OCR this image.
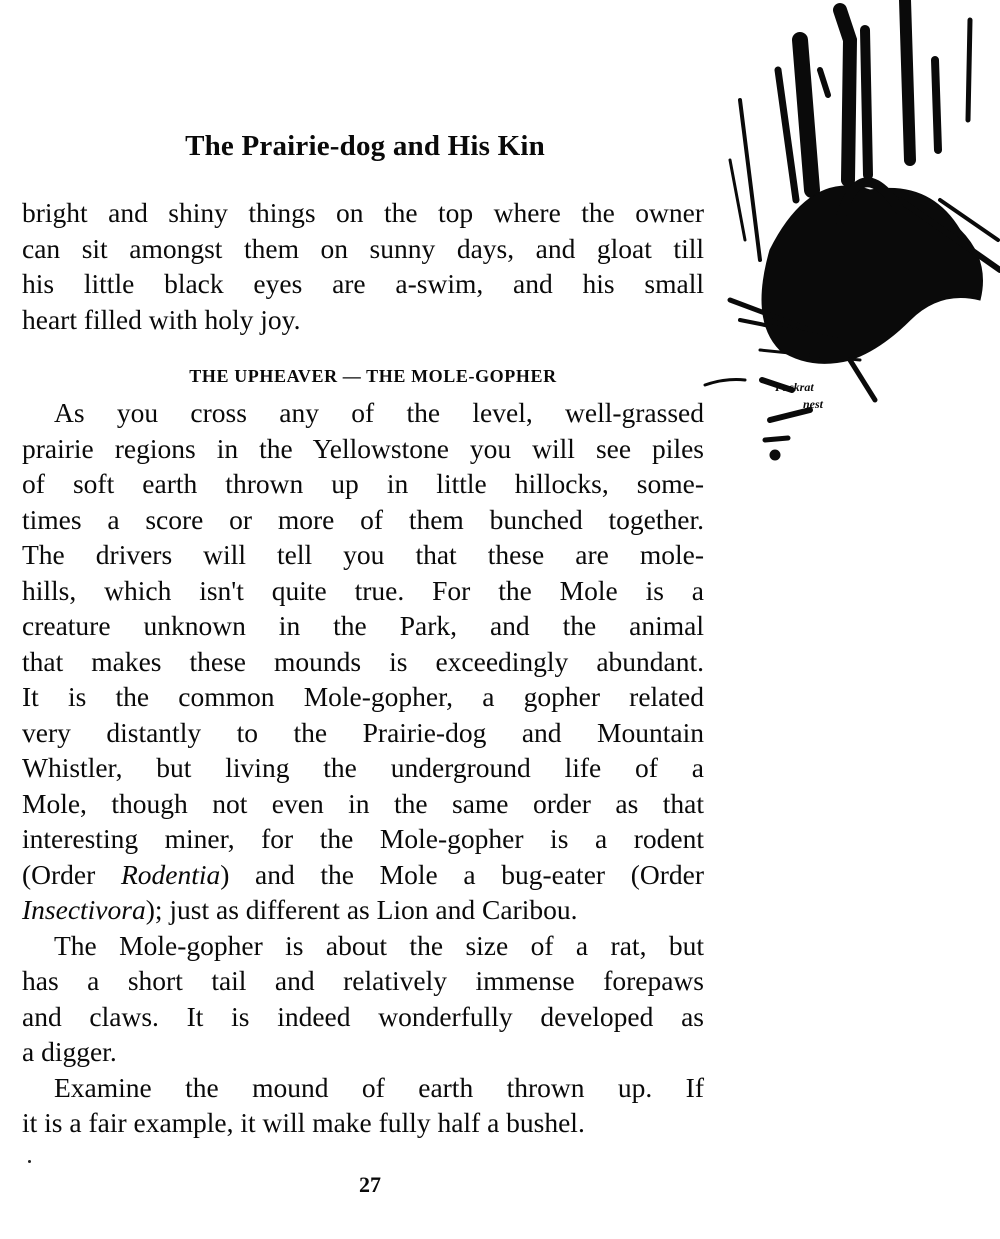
The Prairie-dog and His Kin
Packrat
nest
bright and shiny things on the top where the owner
can sit amongst them on sunny days, and gloat till
his little black eyes are a-swim, and his small
heart filled with holy joy.
THE UPHEAVER — THE MOLE-GOPHER
As you cross any of the level, well-grassed
prairie regions in the Yellowstone you will see piles
of soft earth thrown up in little hillocks, some-
times a score or more of them bunched together.
The drivers will tell you that these are mole-
hills, which isn't quite true. For the Mole is a
creature unknown in the Park, and the animal
that makes these mounds is exceedingly abundant.
It is the common Mole-gopher, a gopher related
very distantly to the Prairie-dog and Mountain
Whistler, but living the underground life of a
Mole, though not even in the same order as that
interesting miner, for the Mole-gopher is a rodent
(Order Rodentia) and the Mole a bug-eater (Order
Insectivora); just as different as Lion and Caribou.
The Mole-gopher is about the size of a rat, but
has a short tail and relatively immense forepaws
and claws. It is indeed wonderfully developed as
a digger.
Examine the mound of earth thrown up. If
it is a fair example, it will make fully half a bushel.
27
